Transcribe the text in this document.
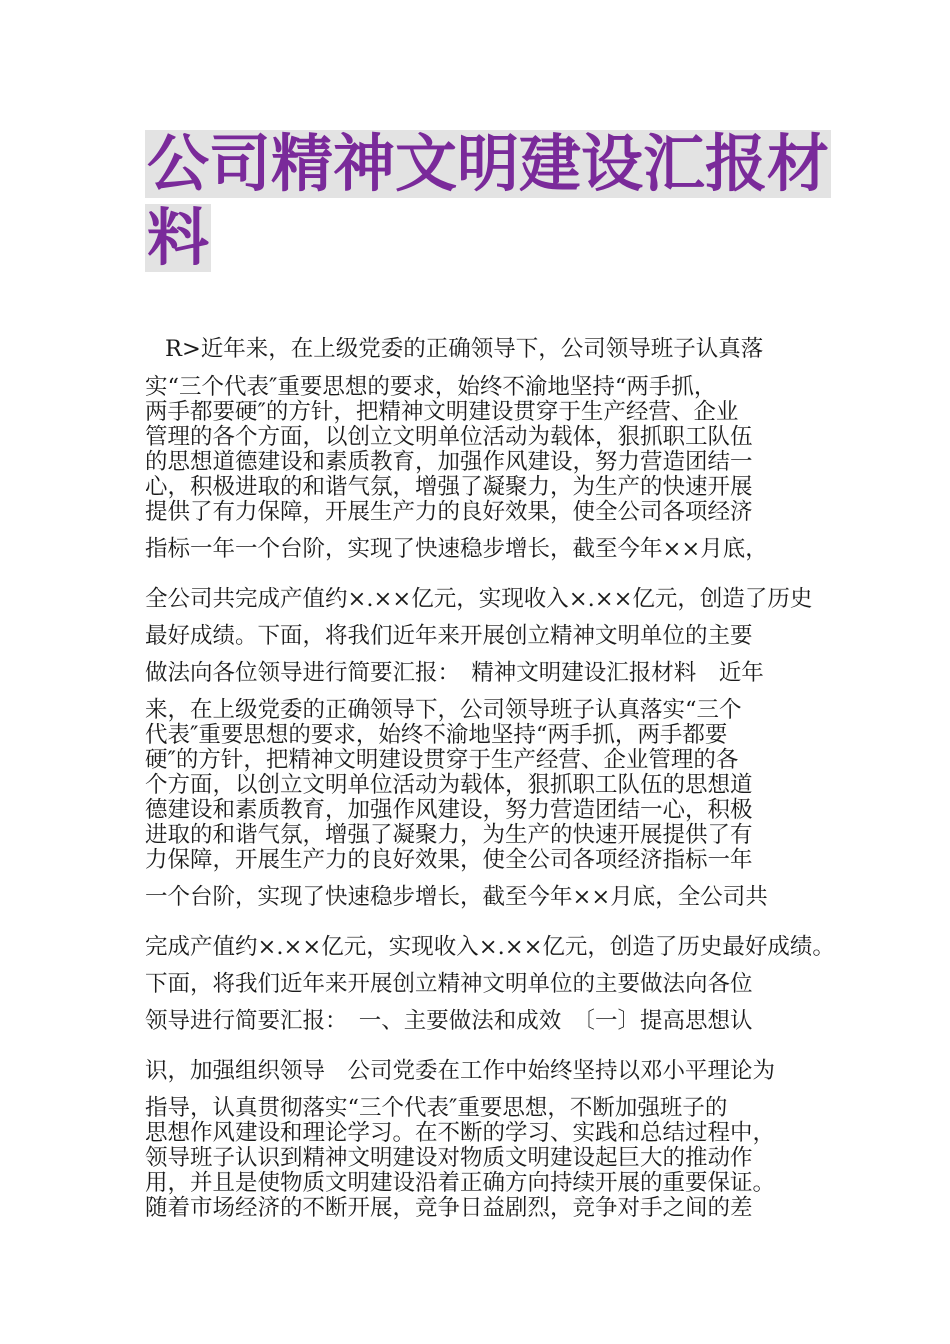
公司精神文明建设汇报材
料
R>近年来，在上级党委的正确领导下，公司领导班子认真落
实“三个代表″重要思想的要求，始终不渝地坚持“两手抓，
两手都要硬″的方针，把精神文明建设贯穿于生产经营、企业
管理的各个方面，以创立文明单位活动为载体，狠抓职工队伍
的思想道德建设和素质教育，加强作风建设，努力营造团结一
心，积极进取的和谐气氛，增强了凝聚力，为生产的快速开展
提供了有力保障，开展生产力的良好效果，使全公司各项经济
指标一年一个台阶，实现了快速稳步增长，截至今年××月底，
全公司共完成产值约×.××亿元，实现收入×.××亿元，创造了历史
最好成绩。下面，将我们近年来开展创立精神文明单位的主要
做法向各位领导进行简要汇报：　精神文明建设汇报材料　近年
来，在上级党委的正确领导下，公司领导班子认真落实“三个
代表″重要思想的要求，始终不渝地坚持“两手抓，两手都要
硬″的方针，把精神文明建设贯穿于生产经营、企业管理的各
个方面，以创立文明单位活动为载体，狠抓职工队伍的思想道
德建设和素质教育，加强作风建设，努力营造团结一心，积极
进取的和谐气氛，增强了凝聚力，为生产的快速开展提供了有
力保障，开展生产力的良好效果，使全公司各项经济指标一年
一个台阶，实现了快速稳步增长，截至今年××月底，全公司共
完成产值约×.××亿元，实现收入×.××亿元，创造了历史最好成绩。
下面，将我们近年来开展创立精神文明单位的主要做法向各位
领导进行简要汇报：　一、主要做法和成效　〔一〕提高思想认
识，加强组织领导　公司党委在工作中始终坚持以邓小平理论为
指导，认真贯彻落实“三个代表″重要思想，不断加强班子的
思想作风建设和理论学习。在不断的学习、实践和总结过程中，
领导班子认识到精神文明建设对物质文明建设起巨大的推动作
用，并且是使物质文明建设沿着正确方向持续开展的重要保证。
随着市场经济的不断开展，竞争日益剧烈，竞争对手之间的差
